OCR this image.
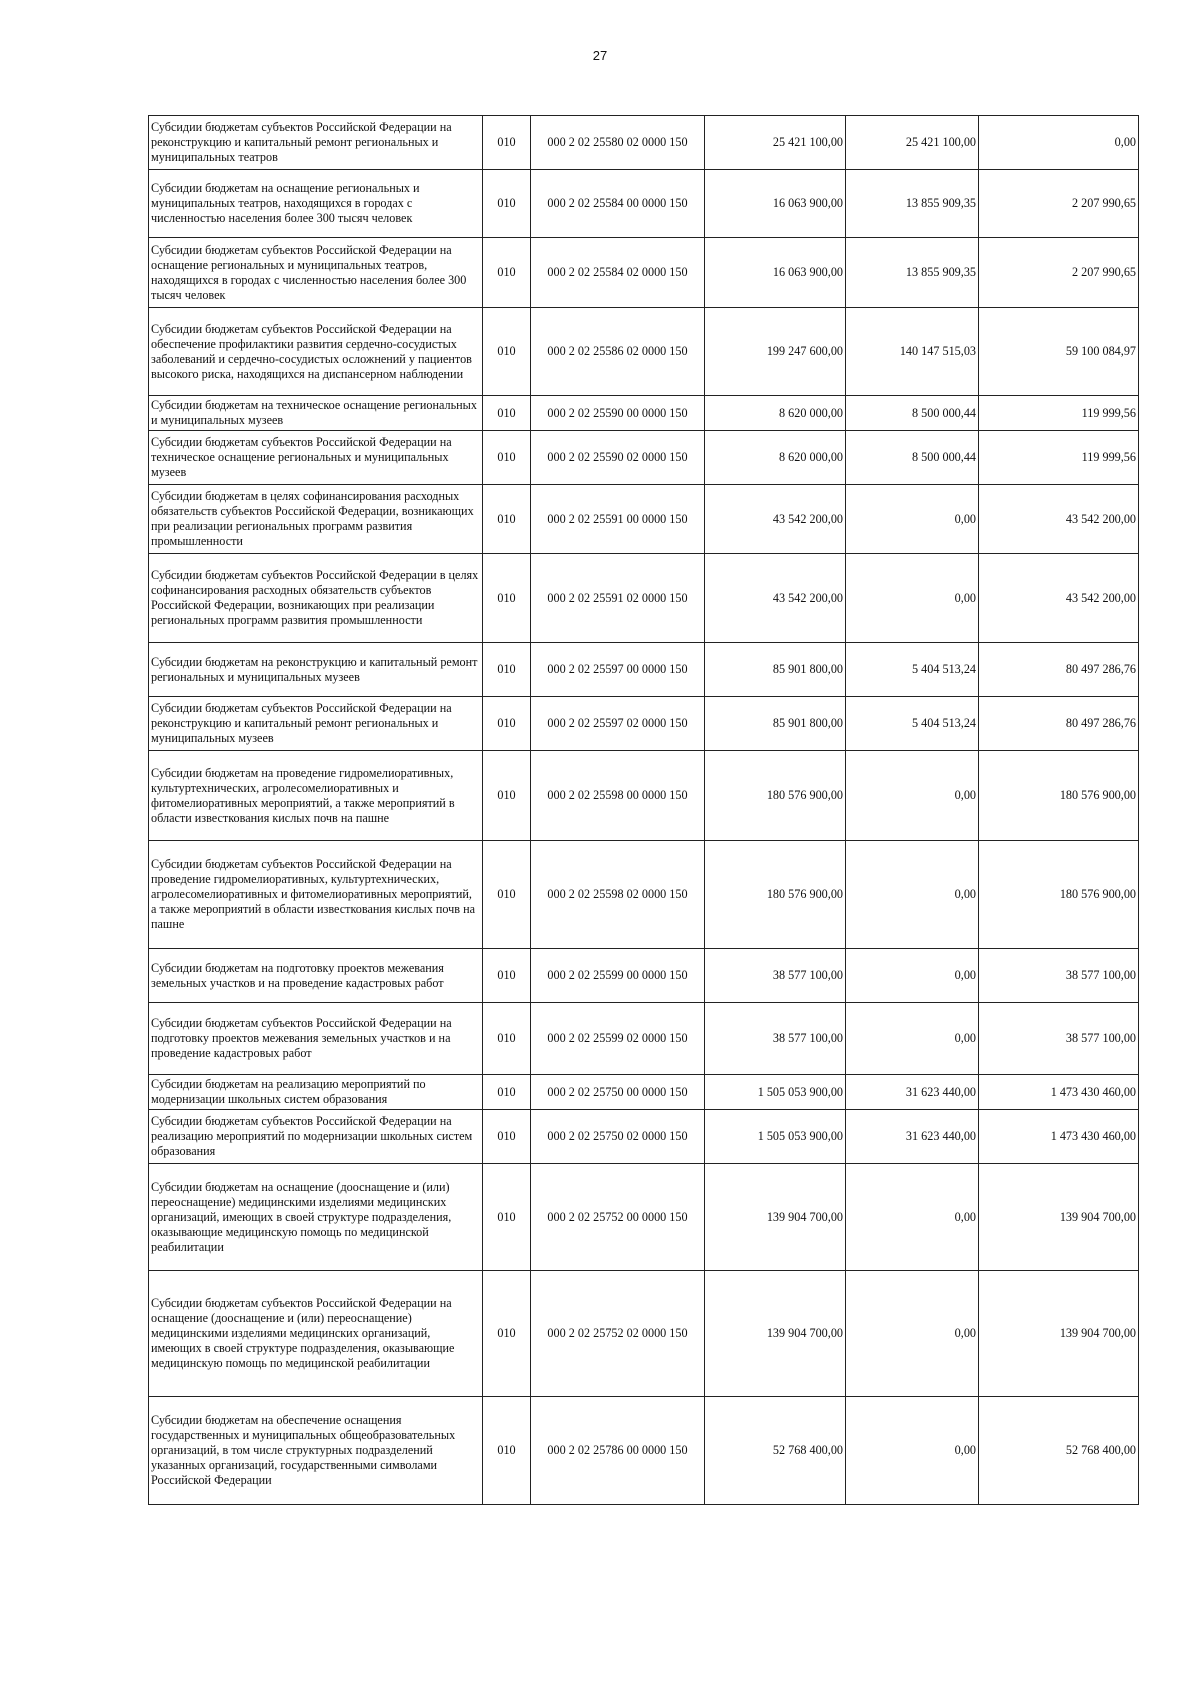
27
Субсидии бюджетам субъектов Российской Федерации на реконструкцию и капитальный ремонт региональных и муниципальных театров	010	000 2 02 25580 02 0000 150	25 421 100,00	25 421 100,00	0,00
Субсидии бюджетам на оснащение региональных и муниципальных театров, находящихся в городах с численностью населения более 300 тысяч человек	010	000 2 02 25584 00 0000 150	16 063 900,00	13 855 909,35	2 207 990,65
Субсидии бюджетам субъектов Российской Федерации на оснащение региональных и муниципальных театров, находящихся в городах с численностью населения более 300 тысяч человек	010	000 2 02 25584 02 0000 150	16 063 900,00	13 855 909,35	2 207 990,65
Субсидии бюджетам субъектов Российской Федерации на обеспечение профилактики развития сердечно-сосудистых заболеваний и сердечно-сосудистых осложнений у пациентов высокого риска, находящихся на диспансерном наблюдении	010	000 2 02 25586 02 0000 150	199 247 600,00	140 147 515,03	59 100 084,97
Субсидии бюджетам на техническое оснащение региональных и муниципальных музеев	010	000 2 02 25590 00 0000 150	8 620 000,00	8 500 000,44	119 999,56
Субсидии бюджетам субъектов Российской Федерации на техническое оснащение региональных и муниципальных музеев	010	000 2 02 25590 02 0000 150	8 620 000,00	8 500 000,44	119 999,56
Субсидии бюджетам в целях софинансирования расходных обязательств субъектов Российской Федерации, возникающих при реализации региональных программ развития промышленности	010	000 2 02 25591 00 0000 150	43 542 200,00	0,00	43 542 200,00
Субсидии бюджетам субъектов Российской Федерации в целях софинансирования расходных обязательств субъектов Российской Федерации, возникающих при реализации региональных программ развития промышленности	010	000 2 02 25591 02 0000 150	43 542 200,00	0,00	43 542 200,00
Субсидии бюджетам на реконструкцию и капитальный ремонт региональных и муниципальных музеев	010	000 2 02 25597 00 0000 150	85 901 800,00	5 404 513,24	80 497 286,76
Субсидии бюджетам субъектов Российской Федерации на реконструкцию и капитальный ремонт региональных и муниципальных музеев	010	000 2 02 25597 02 0000 150	85 901 800,00	5 404 513,24	80 497 286,76
Субсидии бюджетам на проведение гидромелиоративных, культуртехнических, агролесомелиоративных и фитомелиоративных мероприятий, а также мероприятий в области известкования кислых почв на пашне	010	000 2 02 25598 00 0000 150	180 576 900,00	0,00	180 576 900,00
Субсидии бюджетам субъектов Российской Федерации на проведение гидромелиоративных, культуртехнических, агролесомелиоративных и фитомелиоративных мероприятий, а также мероприятий в области известкования кислых почв на пашне	010	000 2 02 25598 02 0000 150	180 576 900,00	0,00	180 576 900,00
Субсидии бюджетам на подготовку проектов межевания земельных участков и на проведение кадастровых работ	010	000 2 02 25599 00 0000 150	38 577 100,00	0,00	38 577 100,00
Субсидии бюджетам субъектов Российской Федерации на подготовку проектов межевания земельных участков и на проведение кадастровых работ	010	000 2 02 25599 02 0000 150	38 577 100,00	0,00	38 577 100,00
Субсидии бюджетам на реализацию мероприятий по модернизации школьных систем образования	010	000 2 02 25750 00 0000 150	1 505 053 900,00	31 623 440,00	1 473 430 460,00
Субсидии бюджетам субъектов Российской Федерации на реализацию мероприятий по модернизации школьных систем образования	010	000 2 02 25750 02 0000 150	1 505 053 900,00	31 623 440,00	1 473 430 460,00
Субсидии бюджетам на оснащение (дооснащение и (или) переоснащение) медицинскими изделиями медицинских организаций, имеющих в своей структуре подразделения, оказывающие медицинскую помощь по медицинской реабилитации	010	000 2 02 25752 00 0000 150	139 904 700,00	0,00	139 904 700,00
Субсидии бюджетам субъектов Российской Федерации на оснащение (дооснащение и (или) переоснащение) медицинскими изделиями медицинских организаций, имеющих в своей структуре подразделения, оказывающие медицинскую помощь по медицинской реабилитации	010	000 2 02 25752 02 0000 150	139 904 700,00	0,00	139 904 700,00
Субсидии бюджетам на обеспечение оснащения государственных и муниципальных общеобразовательных организаций, в том числе структурных подразделений указанных организаций, государственными символами Российской Федерации	010	000 2 02 25786 00 0000 150	52 768 400,00	0,00	52 768 400,00
